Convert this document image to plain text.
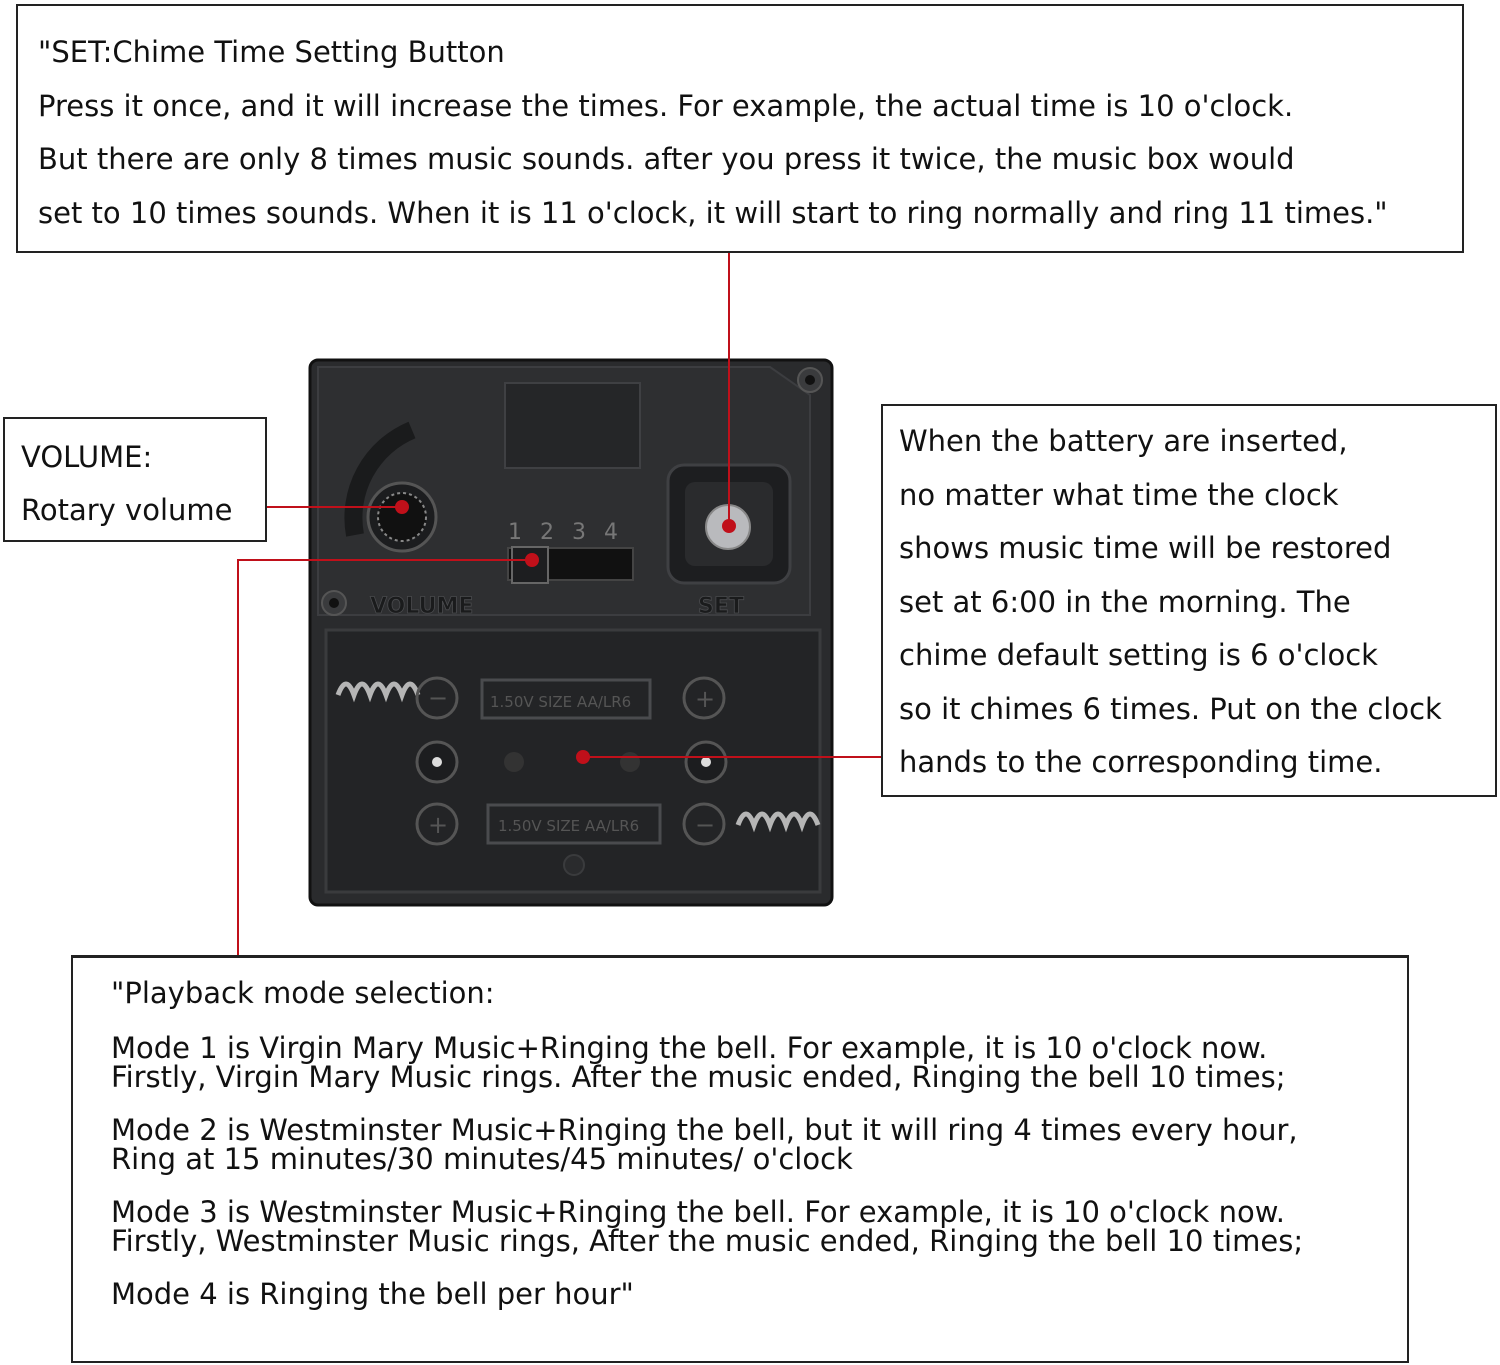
"SET:Chime Time Setting Button

Press it once, and it will increase the times. For example, the actual time is 10 o'clock.

But there are only 8 times music sounds. after you press it twice, the music box would

set to 10 times sounds. When it is 11 o'clock, it will start to ring normally and ring 11 times."

VOLUME:

Rotary volume

When the battery are inserted,

no matter what time the clock

shows music time will be restored

set at 6:00 in the morning. The

chime default setting is 6 o'clock

so it chimes 6 times. Put on the clock

hands to the corresponding time.

"Playback mode selection:

Mode 1 is Virgin Mary Music+Ringing the bell. For example, it is 10 o'clock now.

Firstly, Virgin Mary Music rings. After the music ended, Ringing the bell 10 times;

Mode 2 is Westminster Music+Ringing the bell, but it will ring 4 times every hour,

Ring at 15 minutes/30 minutes/45 minutes/ o'clock

Mode 3 is Westminster Music+Ringing the bell. For example, it is 10 o'clock now.

Firstly, Westminster Music rings, After the music ended, Ringing the bell 10 times;

Mode 4 is Ringing the bell per hour"

1 2 3 4
VOLUME	SET
−	1.50V SIZE AA/LR6	+
+	1.50V SIZE AA/LR6 −
